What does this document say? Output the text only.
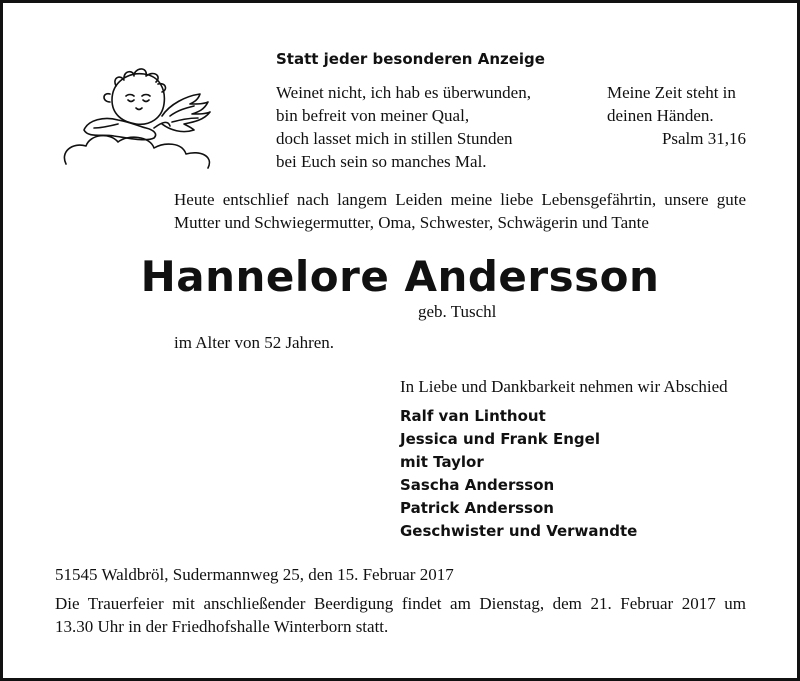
Statt jeder besonderen Anzeige
Weinet nicht, ich hab es überwunden,
bin befreit von meiner Qual,
doch lasset mich in stillen Stunden
bei Euch sein so manches Mal.
Meine Zeit steht in
deinen Händen.
Psalm 31,16
Heute entschlief nach langem Leiden meine liebe Lebensgefährtin, unsere gute
Mutter und Schwiegermutter, Oma, Schwester, Schwägerin und Tante
Hannelore Andersson
geb. Tuschl
im Alter von 52 Jahren.
In Liebe und Dankbarkeit nehmen wir Abschied
Ralf van Linthout
Jessica und Frank Engel
mit Taylor
Sascha Andersson
Patrick Andersson
Geschwister und Verwandte
51545 Waldbröl, Sudermannweg 25, den 15. Februar 2017
Die Trauerfeier mit anschließender Beerdigung findet am Dienstag, dem 21. Februar 2017 um
13.30 Uhr in der Friedhofshalle Winterborn statt.
